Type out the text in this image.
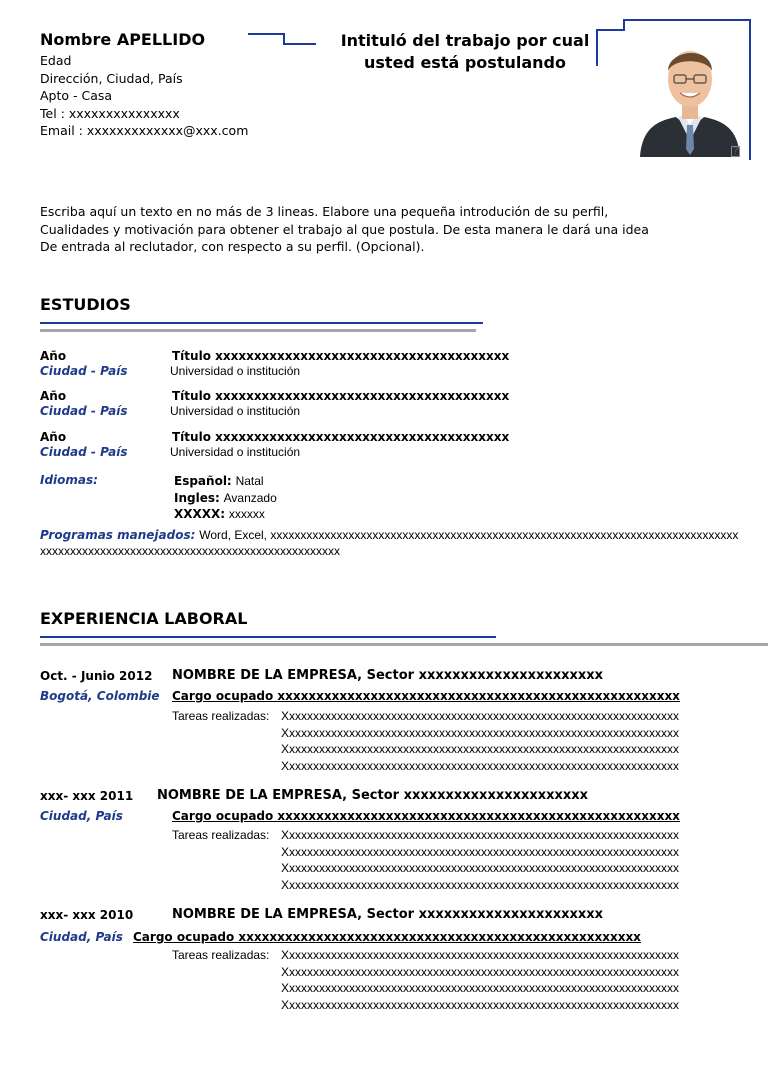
Nombre APELLIDO
Edad
Dirección, Ciudad, País
Apto - Casa
Tel : xxxxxxxxxxxxxxx
Email : xxxxxxxxxxxxx@xxx.com
Intituló del trabajo por cual usted está postulando
?
Escriba aquí un texto en no más de 3 lineas. Elabore una pequeña introdución de su perfil,
Cualidades y motivación para obtener el trabajo al que postula. De esta manera le dará una idea
De entrada al reclutador, con respecto a su perfil. (Opcional).
ESTUDIOS
Año
Ciudad - País
Título xxxxxxxxxxxxxxxxxxxxxxxxxxxxxxxxxxxxxx
Universidad o institución
Año
Ciudad - País
Título xxxxxxxxxxxxxxxxxxxxxxxxxxxxxxxxxxxxxx
Universidad o institución
Año
Ciudad - País
Título xxxxxxxxxxxxxxxxxxxxxxxxxxxxxxxxxxxxxx
Universidad o institución
Idiomas:	Español: Natal
Ingles: Avanzado
XXXXX: xxxxxx
Programas manejados: Word, Excel, xxxxxxxxxxxxxxxxxxxxxxxxxxxxxxxxxxxxxxxxxxxxxxxxxxxxxxxxxxxxxxxxxxxxxxxxxxxxxx
xxxxxxxxxxxxxxxxxxxxxxxxxxxxxxxxxxxxxxxxxxxxxxxxxx
EXPERIENCIA LABORAL
Oct. - Junio 2012
Bogotá, Colombie
NOMBRE DE LA EMPRESA, Sector xxxxxxxxxxxxxxxxxxxxxx
Cargo ocupado xxxxxxxxxxxxxxxxxxxxxxxxxxxxxxxxxxxxxxxxxxxxxxxxxxxx
Tareas realizadas: Xxxxxxxxxxxxxxxxxxxxxxxxxxxxxxxxxxxxxxxxxxxxxxxxxxxxxxxxxxxxxxxxxx
Xxxxxxxxxxxxxxxxxxxxxxxxxxxxxxxxxxxxxxxxxxxxxxxxxxxxxxxxxxxxxxxxxx
Xxxxxxxxxxxxxxxxxxxxxxxxxxxxxxxxxxxxxxxxxxxxxxxxxxxxxxxxxxxxxxxxxx
Xxxxxxxxxxxxxxxxxxxxxxxxxxxxxxxxxxxxxxxxxxxxxxxxxxxxxxxxxxxxxxxxxx
xxx- xxx 2011
Ciudad, País
NOMBRE DE LA EMPRESA, Sector xxxxxxxxxxxxxxxxxxxxxx
Cargo ocupado xxxxxxxxxxxxxxxxxxxxxxxxxxxxxxxxxxxxxxxxxxxxxxxxxxxx
Tareas realizadas: Xxxxxxxxxxxxxxxxxxxxxxxxxxxxxxxxxxxxxxxxxxxxxxxxxxxxxxxxxxxxxxxxxx
Xxxxxxxxxxxxxxxxxxxxxxxxxxxxxxxxxxxxxxxxxxxxxxxxxxxxxxxxxxxxxxxxxx
Xxxxxxxxxxxxxxxxxxxxxxxxxxxxxxxxxxxxxxxxxxxxxxxxxxxxxxxxxxxxxxxxxx
Xxxxxxxxxxxxxxxxxxxxxxxxxxxxxxxxxxxxxxxxxxxxxxxxxxxxxxxxxxxxxxxxxx
xxx- xxx 2010
Ciudad, País
NOMBRE DE LA EMPRESA, Sector xxxxxxxxxxxxxxxxxxxxxx
Cargo ocupado xxxxxxxxxxxxxxxxxxxxxxxxxxxxxxxxxxxxxxxxxxxxxxxxxxxx
Tareas realizadas: Xxxxxxxxxxxxxxxxxxxxxxxxxxxxxxxxxxxxxxxxxxxxxxxxxxxxxxxxxxxxxxxxxx
Xxxxxxxxxxxxxxxxxxxxxxxxxxxxxxxxxxxxxxxxxxxxxxxxxxxxxxxxxxxxxxxxxx
Xxxxxxxxxxxxxxxxxxxxxxxxxxxxxxxxxxxxxxxxxxxxxxxxxxxxxxxxxxxxxxxxxx
Xxxxxxxxxxxxxxxxxxxxxxxxxxxxxxxxxxxxxxxxxxxxxxxxxxxxxxxxxxxxxxxxxx
